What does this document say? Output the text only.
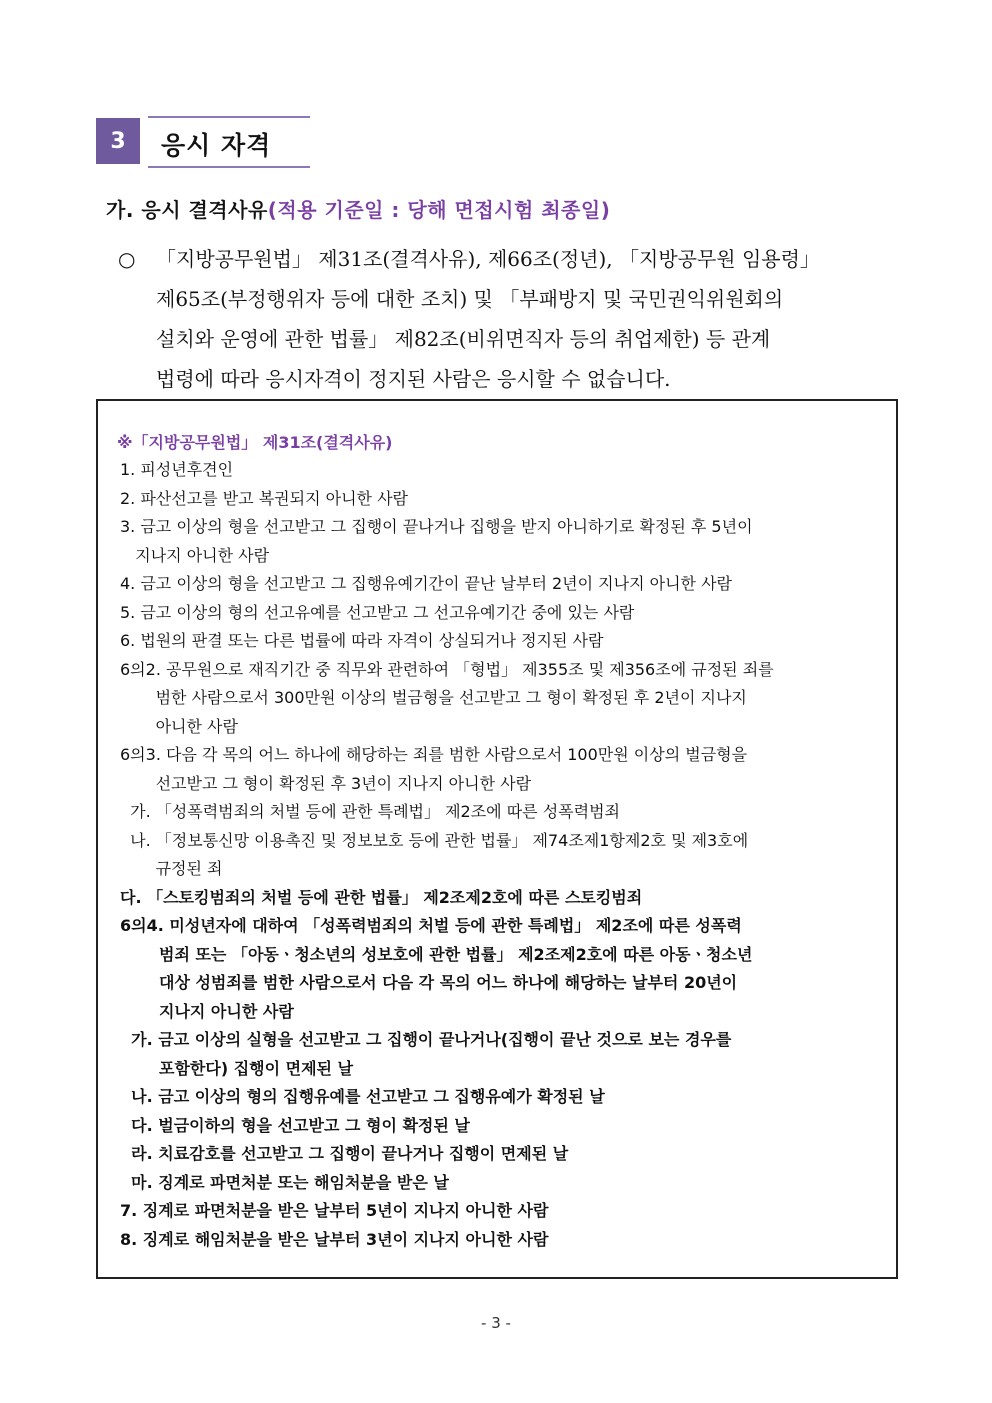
3	응시 자격
가. 응시 결격사유(적용 기준일 : 당해 면접시험 최종일)
○ 「지방공무원법」 제31조(결격사유), 제66조(정년), 「지방공무원 임용령」
제65조(부정행위자 등에 대한 조치) 및 「부패방지 및 국민권익위원회의
설치와 운영에 관한 법률」 제82조(비위면직자 등의 취업제한) 등 관계
법령에 따라 응시자격이 정지된 사람은 응시할 수 없습니다.
※「지방공무원법」 제31조(결격사유)
1. 피성년후견인
2. 파산선고를 받고 복권되지 아니한 사람
3. 금고 이상의 형을 선고받고 그 집행이 끝나거나 집행을 받지 아니하기로 확정된 후 5년이
지나지 아니한 사람
4. 금고 이상의 형을 선고받고 그 집행유예기간이 끝난 날부터 2년이 지나지 아니한 사람
5. 금고 이상의 형의 선고유예를 선고받고 그 선고유예기간 중에 있는 사람
6. 법원의 판결 또는 다른 법률에 따라 자격이 상실되거나 정지된 사람
6의2. 공무원으로 재직기간 중 직무와 관련하여 「형법」 제355조 및 제356조에 규정된 죄를
범한 사람으로서 300만원 이상의 벌금형을 선고받고 그 형이 확정된 후 2년이 지나지
아니한 사람
6의3. 다음 각 목의 어느 하나에 해당하는 죄를 범한 사람으로서 100만원 이상의 벌금형을
선고받고 그 형이 확정된 후 3년이 지나지 아니한 사람
가. 「성폭력범죄의 처벌 등에 관한 특례법」 제2조에 따른 성폭력범죄
나. 「정보통신망 이용촉진 및 정보보호 등에 관한 법률」 제74조제1항제2호 및 제3호에
규정된 죄
다. 「스토킹범죄의 처벌 등에 관한 법률」 제2조제2호에 따른 스토킹범죄
6의4. 미성년자에 대하여 「성폭력범죄의 처벌 등에 관한 특례법」 제2조에 따른 성폭력
범죄 또는 「아동ㆍ청소년의 성보호에 관한 법률」 제2조제2호에 따른 아동ㆍ청소년
대상 성범죄를 범한 사람으로서 다음 각 목의 어느 하나에 해당하는 날부터 20년이
지나지 아니한 사람
가. 금고 이상의 실형을 선고받고 그 집행이 끝나거나(집행이 끝난 것으로 보는 경우를
포함한다) 집행이 면제된 날
나. 금고 이상의 형의 집행유예를 선고받고 그 집행유예가 확정된 날
다. 벌금이하의 형을 선고받고 그 형이 확정된 날
라. 치료감호를 선고받고 그 집행이 끝나거나 집행이 면제된 날
마. 징계로 파면처분 또는 해임처분을 받은 날
7. 징계로 파면처분을 받은 날부터 5년이 지나지 아니한 사람
8. 징계로 해임처분을 받은 날부터 3년이 지나지 아니한 사람
- 3 -
